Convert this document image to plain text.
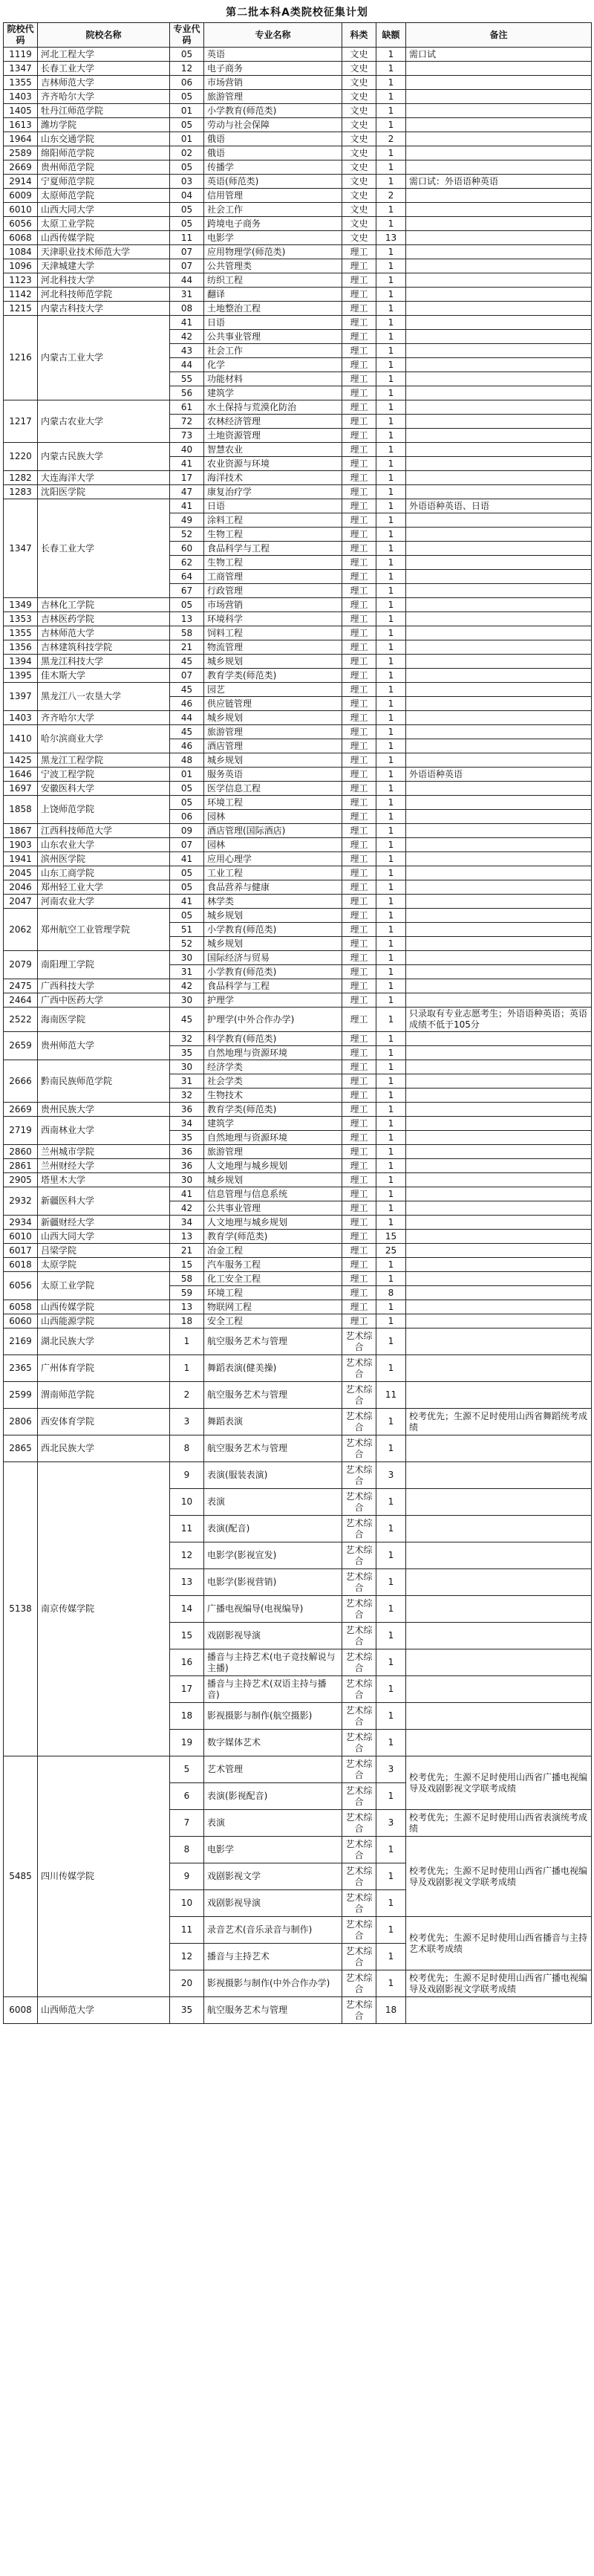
第二批本科A类院校征集计划
院校代码	院校名称	专业代码	专业名称	科类	缺额	备注
1119	河北工程大学	05	英语	文史	1	需口试
1347	长春工业大学	12	电子商务	文史	1	
1355	吉林师范大学	06	市场营销	文史	1	
1403	齐齐哈尔大学	05	旅游管理	文史	1	
1405	牡丹江师范学院	01	小学教育(师范类)	文史	1	
1613	潍坊学院	05	劳动与社会保障	文史	1	
1964	山东交通学院	01	俄语	文史	2	
2589	绵阳师范学院	02	俄语	文史	1	
2669	贵州师范学院	05	传播学	文史	1	
2914	宁夏师范学院	03	英语(师范类)	文史	1	需口试：外语语种英语
6009	太原师范学院	04	信用管理	文史	2	
6010	山西大同大学	05	社会工作	文史	1	
6056	太原工业学院	05	跨境电子商务	文史	1	
6068	山西传媒学院	11	电影学	文史	13	
1084	天津职业技术师范大学	07	应用物理学(师范类)	理工	1	
1096	天津城建大学	07	公共管理类	理工	1	
1123	河北科技大学	44	纺织工程	理工	1	
1142	河北科技师范学院	31	翻译	理工	1	
1215	内蒙古科技大学	08	土地整治工程	理工	1	
1216	内蒙古工业大学	41	日语	理工	1	
		42	公共事业管理	理工	1	
		43	社会工作	理工	1	
		44	化学	理工	1	
		55	功能材料	理工	1	
		56	建筑学	理工	1	
1217	内蒙古农业大学	61	水土保持与荒漠化防治	理工	1	
		72	农林经济管理	理工	1	
		73	土地资源管理	理工	1	
1220	内蒙古民族大学	40	智慧农业	理工	1	
		41	农业资源与环境	理工	1	
1282	大连海洋大学	17	海洋技术	理工	1	
1283	沈阳医学院	47	康复治疗学	理工	1	
1347	长春工业大学	41	日语	理工	1	外语语种英语、日语
		49	涂料工程	理工	1	
		52	生物工程	理工	1	
		60	食品科学与工程	理工	1	
		62	生物工程	理工	1	
		64	工商管理	理工	1	
		67	行政管理	理工	1	
1349	吉林化工学院	05	市场营销	理工	1	
1353	吉林医药学院	13	环境科学	理工	1	
1355	吉林师范大学	58	饲料工程	理工	1	
1356	吉林建筑科技学院	21	物流管理	理工	1	
1394	黑龙江科技大学	45	城乡规划	理工	1	
1395	佳木斯大学	07	教育学类(师范类)	理工	1	
1397	黑龙江八一农垦大学	45	园艺	理工	1	
		46	供应链管理	理工	1	
1403	齐齐哈尔大学	44	城乡规划	理工	1	
1410	哈尔滨商业大学	45	旅游管理	理工	1	
		46	酒店管理	理工	1	
1425	黑龙江工程学院	48	城乡规划	理工	1	
1646	宁波工程学院	01	服务英语	理工	1	外语语种英语
1697	安徽医科大学	05	医学信息工程	理工	1	
1858	上饶师范学院	05	环境工程	理工	1	
		06	园林	理工	1	
1867	江西科技师范大学	09	酒店管理(国际酒店)	理工	1	
1903	山东农业大学	07	园林	理工	1	
1941	滨州医学院	41	应用心理学	理工	1	
2045	山东工商学院	05	工业工程	理工	1	
2046	郑州轻工业大学	05	食品营养与健康	理工	1	
2047	河南农业大学	41	林学类	理工	1	
2062	郑州航空工业管理学院	05	城乡规划	理工	1	
		51	小学教育(师范类)	理工	1	
		52	城乡规划	理工	1	
2079	南阳理工学院	30	国际经济与贸易	理工	1	
		31	小学教育(师范类)	理工	1	
2475	广西科技大学	42	食品科学与工程	理工	1	
2464	广西中医药大学	30	护理学	理工	1	
2522	海南医学院	45	护理学(中外合作办学)	理工	1	只录取有专业志愿考生；外语语种英语；英语成绩不低于105分
2659	贵州师范大学	32	科学教育(师范类)	理工	1	
		35	自然地理与资源环境	理工	1	
2666	黔南民族师范学院	30	经济学类	理工	1	
		31	社会学类	理工	1	
		32	生物技术	理工	1	
2669	贵州民族大学	36	教育学类(师范类)	理工	1	
2719	西南林业大学	34	建筑学	理工	1	
		35	自然地理与资源环境	理工	1	
2860	兰州城市学院	36	旅游管理	理工	1	
2861	兰州财经大学	36	人文地理与城乡规划	理工	1	
2905	塔里木大学	30	城乡规划	理工	1	
2932	新疆医科大学	41	信息管理与信息系统	理工	1	
		42	公共事业管理	理工	1	
2934	新疆财经大学	34	人文地理与城乡规划	理工	1	
6010	山西大同大学	13	教育学(师范类)	理工	15	
6017	吕梁学院	21	冶金工程	理工	25	
6018	太原学院	15	汽车服务工程	理工	1	
6056	太原工业学院	58	化工安全工程	理工	1	
		59	环境工程	理工	8	
6058	山西传媒学院	13	物联网工程	理工	1	
6060	山西能源学院	18	安全工程	理工	1	
2169	湖北民族大学	1	航空服务艺术与管理	艺术综合	1	
2365	广州体育学院	1	舞蹈表演(健美操)	艺术综合	1	
2599	渭南师范学院	2	航空服务艺术与管理	艺术综合	11	
2806	西安体育学院	3	舞蹈表演	艺术综合	1	校考优先；生源不足时使用山西省舞蹈统考成绩
2865	西北民族大学	8	航空服务艺术与管理	艺术综合	1	
5138	南京传媒学院	9	表演(服装表演)	艺术综合	3	
		10	表演	艺术综合	1	
		11	表演(配音)	艺术综合	1	
		12	电影学(影视宣发)	艺术综合	1	
		13	电影学(影视营销)	艺术综合	1	
		14	广播电视编导(电视编导)	艺术综合	1	
		15	戏剧影视导演	艺术综合	1	
		16	播音与主持艺术(电子竞技解说与主播)	艺术综合	1	
		17	播音与主持艺术(双语主持与播音)	艺术综合	1	
		18	影视摄影与制作(航空摄影)	艺术综合	1	
		19	数字媒体艺术	艺术综合	1	
5485	四川传媒学院	5	艺术管理	艺术综合	3	校考优先；生源不足时使用山西省广播电视编导及戏剧影视文学联考成绩
		6	表演(影视配音)	艺术综合	1	
		7	表演	艺术综合	3	校考优先；生源不足时使用山西省表演统考成绩
		8	电影学	艺术综合	1	校考优先；生源不足时使用山西省广播电视编导及戏剧影视文学联考成绩
		9	戏剧影视文学	艺术综合	1	
		10	戏剧影视导演	艺术综合	1	
		11	录音艺术(音乐录音与制作)	艺术综合	1	校考优先；生源不足时使用山西省播音与主持艺术联考成绩
		12	播音与主持艺术	艺术综合	1	
		20	影视摄影与制作(中外合作办学)	艺术综合	1	校考优先；生源不足时使用山西省广播电视编导及戏剧影视文学联考成绩
6008	山西师范大学	35	航空服务艺术与管理	艺术综合	18	
